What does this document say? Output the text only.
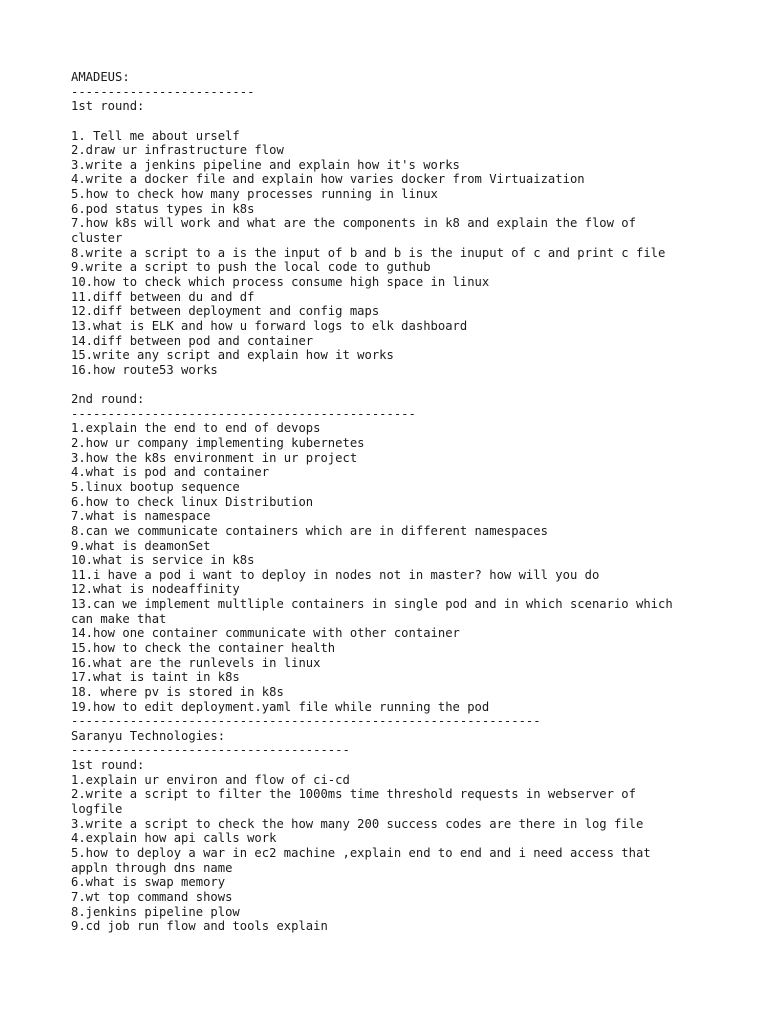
AMADEUS:
-------------------------
1st round:
1. Tell me about urself
2.draw ur infrastructure flow
3.write a jenkins pipeline and explain how it's works
4.write a docker file and explain how varies docker from Virtuaization
5.how to check how many processes running in linux
6.pod status types in k8s
7.how k8s will work and what are the components in k8 and explain the flow of
cluster
8.write a script to a is the input of b and b is the inuput of c and print c file
9.write a script to push the local code to guthub
10.how to check which process consume high space in linux
11.diff between du and df
12.diff between deployment and config maps
13.what is ELK and how u forward logs to elk dashboard
14.diff between pod and container
15.write any script and explain how it works
16.how route53 works
2nd round:
-----------------------------------------------
1.explain the end to end of devops
2.how ur company implementing kubernetes
3.how the k8s environment in ur project
4.what is pod and container
5.linux bootup sequence
6.how to check linux Distribution
7.what is namespace
8.can we communicate containers which are in different namespaces
9.what is deamonSet
10.what is service in k8s
11.i have a pod i want to deploy in nodes not in master? how will you do
12.what is nodeaffinity
13.can we implement multliple containers in single pod and in which scenario which
can make that
14.how one container communicate with other container
15.how to check the container health
16.what are the runlevels in linux
17.what is taint in k8s
18. where pv is stored in k8s
19.how to edit deployment.yaml file while running the pod
----------------------------------------------------------------
Saranyu Technologies:
--------------------------------------
1st round:
1.explain ur environ and flow of ci-cd
2.write a script to filter the 1000ms time threshold requests in webserver of
logfile
3.write a script to check the how many 200 success codes are there in log file
4.explain how api calls work
5.how to deploy a war in ec2 machine ,explain end to end and i need access that
appln through dns name
6.what is swap memory
7.wt top command shows
8.jenkins pipeline plow
9.cd job run flow and tools explain
